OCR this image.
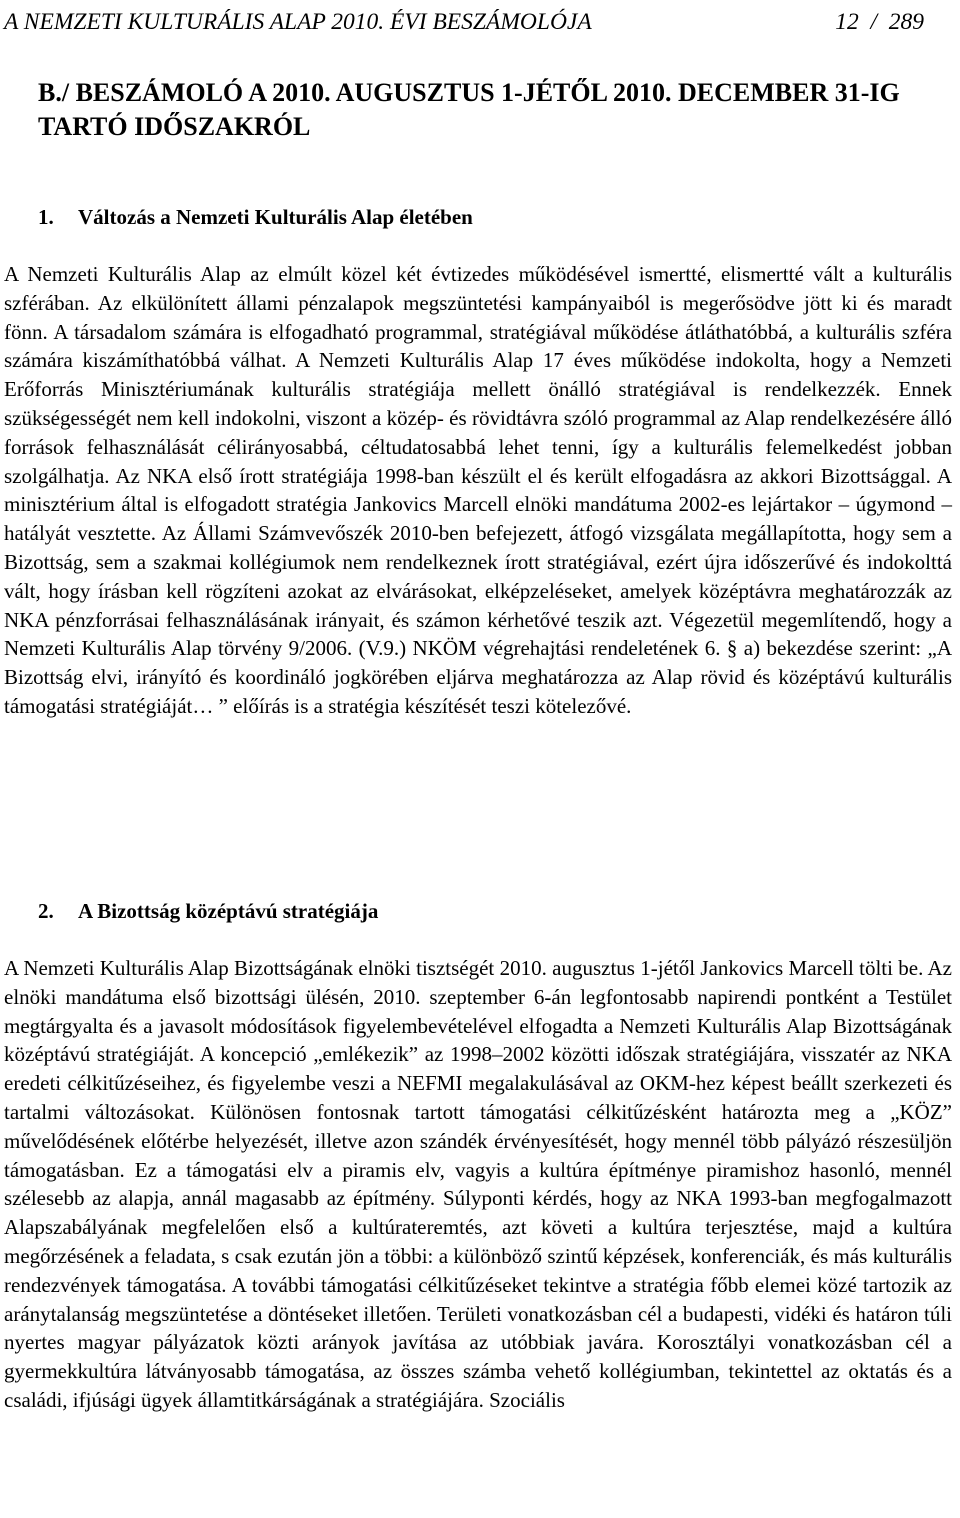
A NEMZETI KULTURÁLIS ALAP 2010. ÉVI BESZÁMOLÓJA	12 / 289
B./ BESZÁMOLÓ A 2010. AUGUSZTUS 1-JÉTŐL 2010. DECEMBER 31-IG TARTÓ IDŐSZAKRÓL
1. Változás a Nemzeti Kulturális Alap életében

A Nemzeti Kulturális Alap az elmúlt közel két évtizedes működésével ismertté, elismertté vált a kulturális szférában. Az elkülönített állami pénzalapok megszüntetési kampányaiból is megerősödve jött ki és maradt fönn. A társadalom számára is elfogadható programmal, stratégiával működése átláthatóbbá, a kulturális szféra számára kiszámíthatóbbá válhat. A Nemzeti Kulturális Alap 17 éves működése indokolta, hogy a Nemzeti Erőforrás Minisztériumának kulturális stratégiája mellett önálló stratégiával is rendelkezzék. Ennek szükségességét nem kell indokolni, viszont a közép- és rövidtávra szóló programmal az Alap rendelkezésére álló források felhasználását célirányosabbá, céltudatosabbá lehet tenni, így a kulturális felemelkedést jobban szolgálhatja. Az NKA első írott stratégiája 1998-ban készült el és került elfogadásra az akkori Bizottsággal. A minisztérium által is elfogadott stratégia Jankovics Marcell elnöki mandátuma 2002-es lejártakor – úgymond – hatályát vesztette. Az Állami Számvevőszék 2010-ben befejezett, átfogó vizsgálata megállapította, hogy sem a Bizottság, sem a szakmai kollégiumok nem rendelkeznek írott stratégiával, ezért újra időszerűvé és indokolttá vált, hogy írásban kell rögzíteni azokat az elvárásokat, elképzeléseket, amelyek középtávra meghatározzák az NKA pénzforrásai felhasználásának irányait, és számon kérhetővé teszik azt. Végezetül megemlítendő, hogy a Nemzeti Kulturális Alap törvény 9/2006. (V.9.) NKÖM végrehajtási rendeletének 6. § a) bekezdése szerint: „A Bizottság elvi, irányító és koordináló jogkörében eljárva meghatározza az Alap rövid és középtávú kulturális támogatási stratégiáját… ” előírás is a stratégia készítését teszi kötelezővé.

2. A Bizottság középtávú stratégiája

A Nemzeti Kulturális Alap Bizottságának elnöki tisztségét 2010. augusztus 1-jétől Jankovics Marcell tölti be. Az elnöki mandátuma első bizottsági ülésén, 2010. szeptember 6-án legfontosabb napirendi pontként a Testület megtárgyalta és a javasolt módosítások figyelembevételével elfogadta a Nemzeti Kulturális Alap Bizottságának középtávú stratégiáját. A koncepció „emlékezik” az 1998–2002 közötti időszak stratégiájára, visszatér az NKA eredeti célkitűzéseihez, és figyelembe veszi a NEFMI megalakulásával az OKM-hez képest beállt szerkezeti és tartalmi változásokat. Különösen fontosnak tartott támogatási célkitűzésként határozta meg a „KÖZ” művelődésének előtérbe helyezését, illetve azon szándék érvényesítését, hogy mennél több pályázó részesüljön támogatásban. Ez a támogatási elv a piramis elv, vagyis a kultúra építménye piramishoz hasonló, mennél szélesebb az alapja, annál magasabb az építmény. Súlyponti kérdés, hogy az NKA 1993-ban megfogalmazott Alapszabályának megfelelően első a kultúrateremtés, azt követi a kultúra terjesztése, majd a kultúra megőrzésének a feladata, s csak ezután jön a többi: a különböző szintű képzések, konferenciák, és más kulturális rendezvények támogatása. A további támogatási célkitűzéseket tekintve a stratégia főbb elemei közé tartozik az aránytalanság megszüntetése a döntéseket illetően. Területi vonatkozásban cél a budapesti, vidéki és határon túli nyertes magyar pályázatok közti arányok javítása az utóbbiak javára. Korosztályi vonatkozásban cél a gyermekkultúra látványosabb támogatása, az összes számba vehető kollégiumban, tekintettel az oktatás és a családi, ifjúsági ügyek államtitkárságának a stratégiájára. Szociális
